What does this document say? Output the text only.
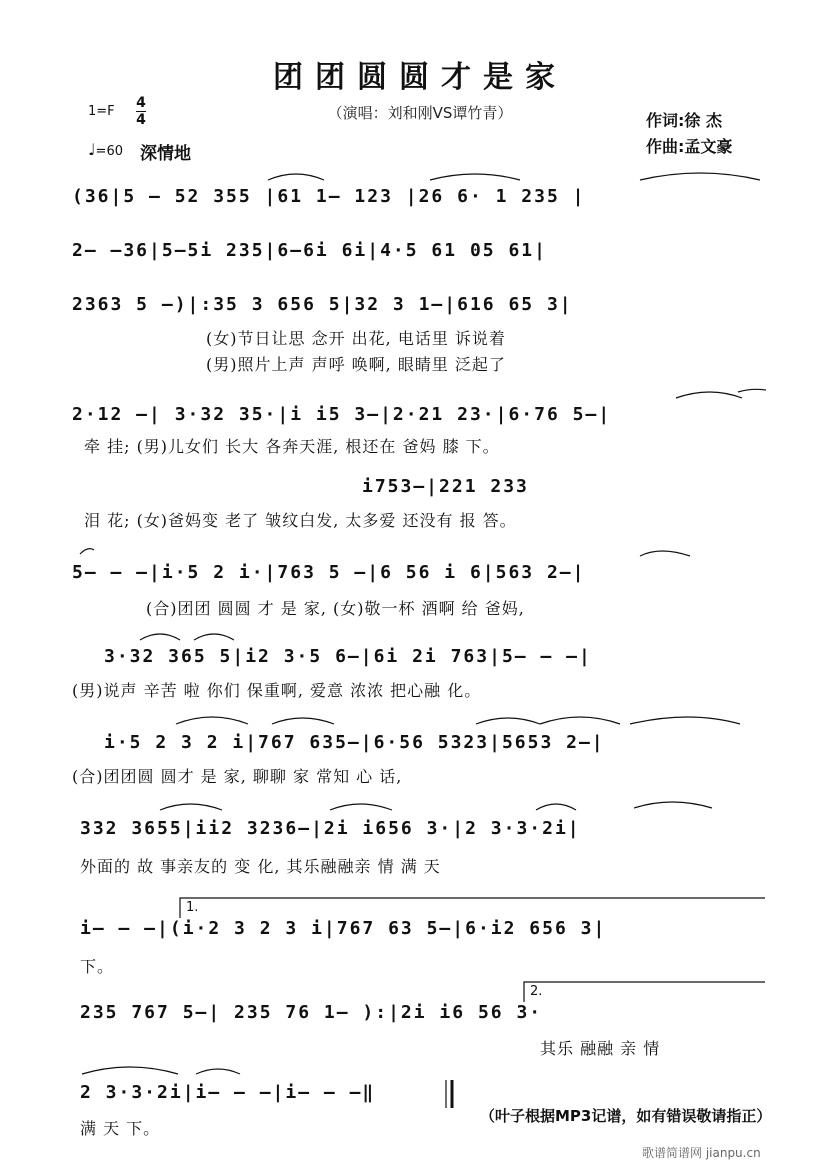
团团圆圆才是家
（演唱：刘和刚VS谭竹青）
1=F
4
4
♩=60 深情地
作词:徐 杰
作曲:孟文豪
(36|5 — 52 355 |61 1— 123 |26 6· 1 235 |
2— —36|5—5i 235|6—6i 6i|4·5 61 05 61|
2363 5 —)|:35 3 656 5|32 3 1—|616 65 3|
(女)节日让思 念开 出花, 电话里 诉说着
(男)照片上声 声呼 唤啊, 眼睛里 泛起了
2·12 —| 3·32 35·|i i5 3—|2·21 23·|6·76 5—|
牵 挂; (男)儿女们 长大 各奔天涯, 根还在 爸妈 膝 下。
i753—|221 233
泪 花; (女)爸妈变 老了 皱纹白发, 太多爱 还没有 报 答。
5— — —|i·5 2 i·|763 5 —|6 56 i 6|563 2—|
(合)团团 圆圆 才 是 家, (女)敬一杯 酒啊 给 爸妈,
3·32 365 5|i2 3·5 6—|6i 2i 763|5— — —|
(男)说声 辛苦 啦 你们 保重啊, 爱意 浓浓 把心融 化。
i·5 2 3 2 i|767 635—|6·56 5323|5653 2—|
(合)团团圆 圆才 是 家, 聊聊 家 常知 心 话,
332 3655|ii2 3236—|2i i656 3·|2 3·3·2i|
外面的 故 事亲友的 变 化, 其乐融融亲 情 满 天
1.
i— — —|(i·2 3 2 3 i|767 63 5—|6·i2 656 3|
下。
2.
235 767 5—| 235 76 1— ):|2i i6 56 3·
其乐 融融 亲 情
2 3·3·2i|i— — —|i— — —‖
满 天 下。
（叶子根据MP3记谱，如有错误敬请指正）
歌谱简谱网 jianpu.cn
